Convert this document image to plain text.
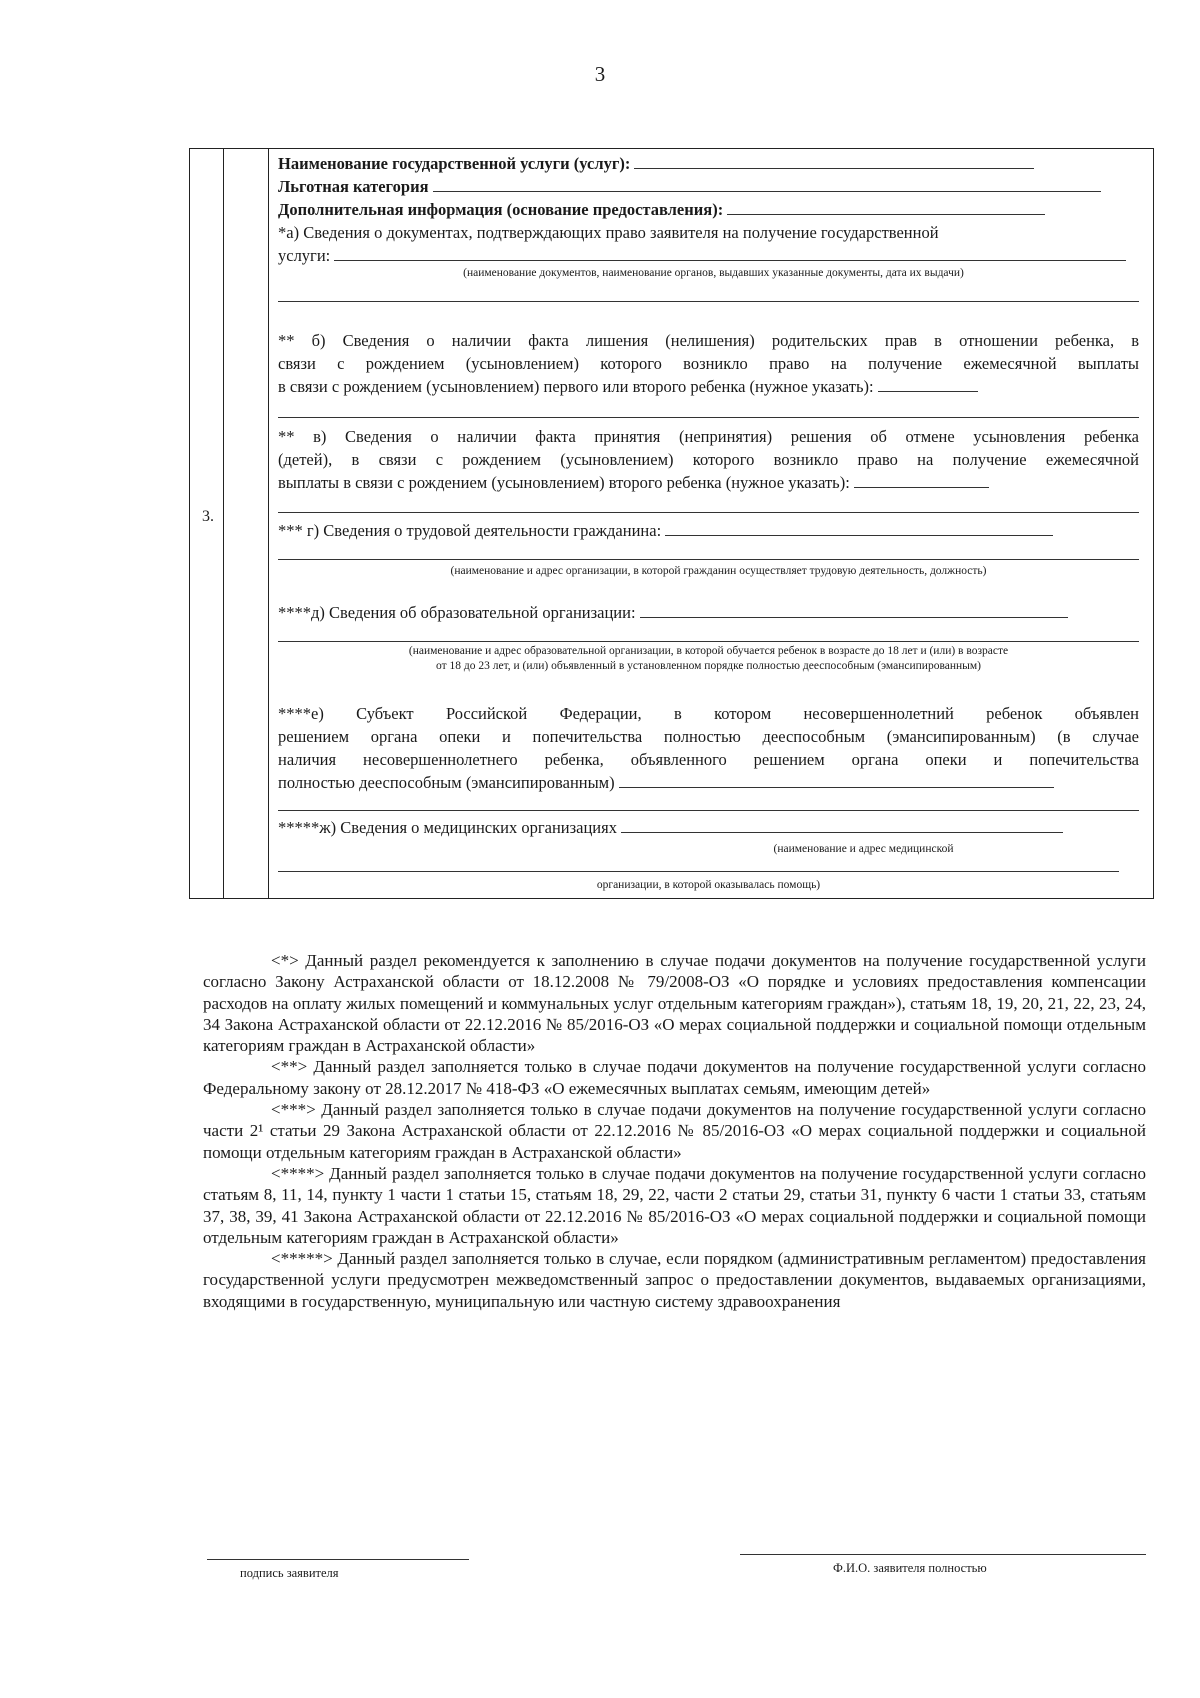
3
3.
Наименование государственной услуги (услуг):
Льготная категория
Дополнительная информация (основание предоставления):
*а) Сведения о документах, подтверждающих право заявителя на получение государственной
услуги:
(наименование документов, наименование органов, выдавших указанные документы, дата их выдачи)
** б) Сведения о наличии факта лишения (нелишения) родительских прав в отношении ребенка, в
связи с рождением (усыновлением) которого возникло право на получение ежемесячной выплаты
в связи с рождением (усыновлением) первого или второго ребенка (нужное указать):
** в) Сведения о наличии факта принятия (непринятия) решения об отмене усыновления ребенка
(детей), в связи с рождением (усыновлением) которого возникло право на получение ежемесячной
выплаты в связи с рождением (усыновлением) второго ребенка (нужное указать):
*** г) Сведения о трудовой деятельности гражданина:
(наименование и адрес организации, в которой гражданин осуществляет трудовую деятельность, должность)
****д) Сведения об образовательной организации:
(наименование и адрес образовательной организации, в которой обучается ребенок в возрасте до 18 лет и (или) в возрасте
от 18 до 23 лет, и (или) объявленный в установленном порядке полностью дееспособным (эмансипированным)
****е) Субъект Российской Федерации, в котором несовершеннолетний ребенок объявлен
решением органа опеки и попечительства полностью дееспособным (эмансипированным) (в случае
наличия несовершеннолетнего ребенка, объявленного решением органа опеки и попечительства
полностью дееспособным (эмансипированным)
*****ж) Сведения о медицинских организациях
(наименование и адрес медицинской
организации, в которой оказывалась помощь)

<*> Данный раздел рекомендуется к заполнению в случае подачи документов на получение государственной услуги согласно Закону Астраханской области от 18.12.2008 № 79/2008-ОЗ «О порядке и условиях предоставления компенсации расходов на оплату жилых помещений и коммунальных услуг отдельным категориям граждан»), статьям 18, 19, 20, 21, 22, 23, 24, 34 Закона Астраханской области от 22.12.2016 № 85/2016-ОЗ «О мерах социальной поддержки и социальной помощи отдельным категориям граждан в Астраханской области»

<**> Данный раздел заполняется только в случае подачи документов на получение государственной услуги согласно Федеральному закону от 28.12.2017 № 418-ФЗ «О ежемесячных выплатах семьям, имеющим детей»

<***> Данный раздел заполняется только в случае подачи документов на получение государственной услуги согласно части 2¹ статьи 29 Закона Астраханской области от 22.12.2016 № 85/2016-ОЗ «О мерах социальной поддержки и социальной помощи отдельным категориям граждан в Астраханской области»

<****> Данный раздел заполняется только в случае подачи документов на получение государственной услуги согласно статьям 8, 11, 14, пункту 1 части 1 статьи 15, статьям 18, 29, 22, части 2 статьи 29, статьи 31, пункту 6 части 1 статьи 33, статьям 37, 38, 39, 41 Закона Астраханской области от 22.12.2016 № 85/2016-ОЗ «О мерах социальной поддержки и социальной помощи отдельным категориям граждан в Астраханской области»

<*****> Данный раздел заполняется только в случае, если порядком (административным регламентом) предоставления государственной услуги предусмотрен межведомственный запрос о предоставлении документов, выдаваемых организациями, входящими в государственную, муниципальную или частную систему здравоохранения

подпись заявителя	Ф.И.О. заявителя полностью
